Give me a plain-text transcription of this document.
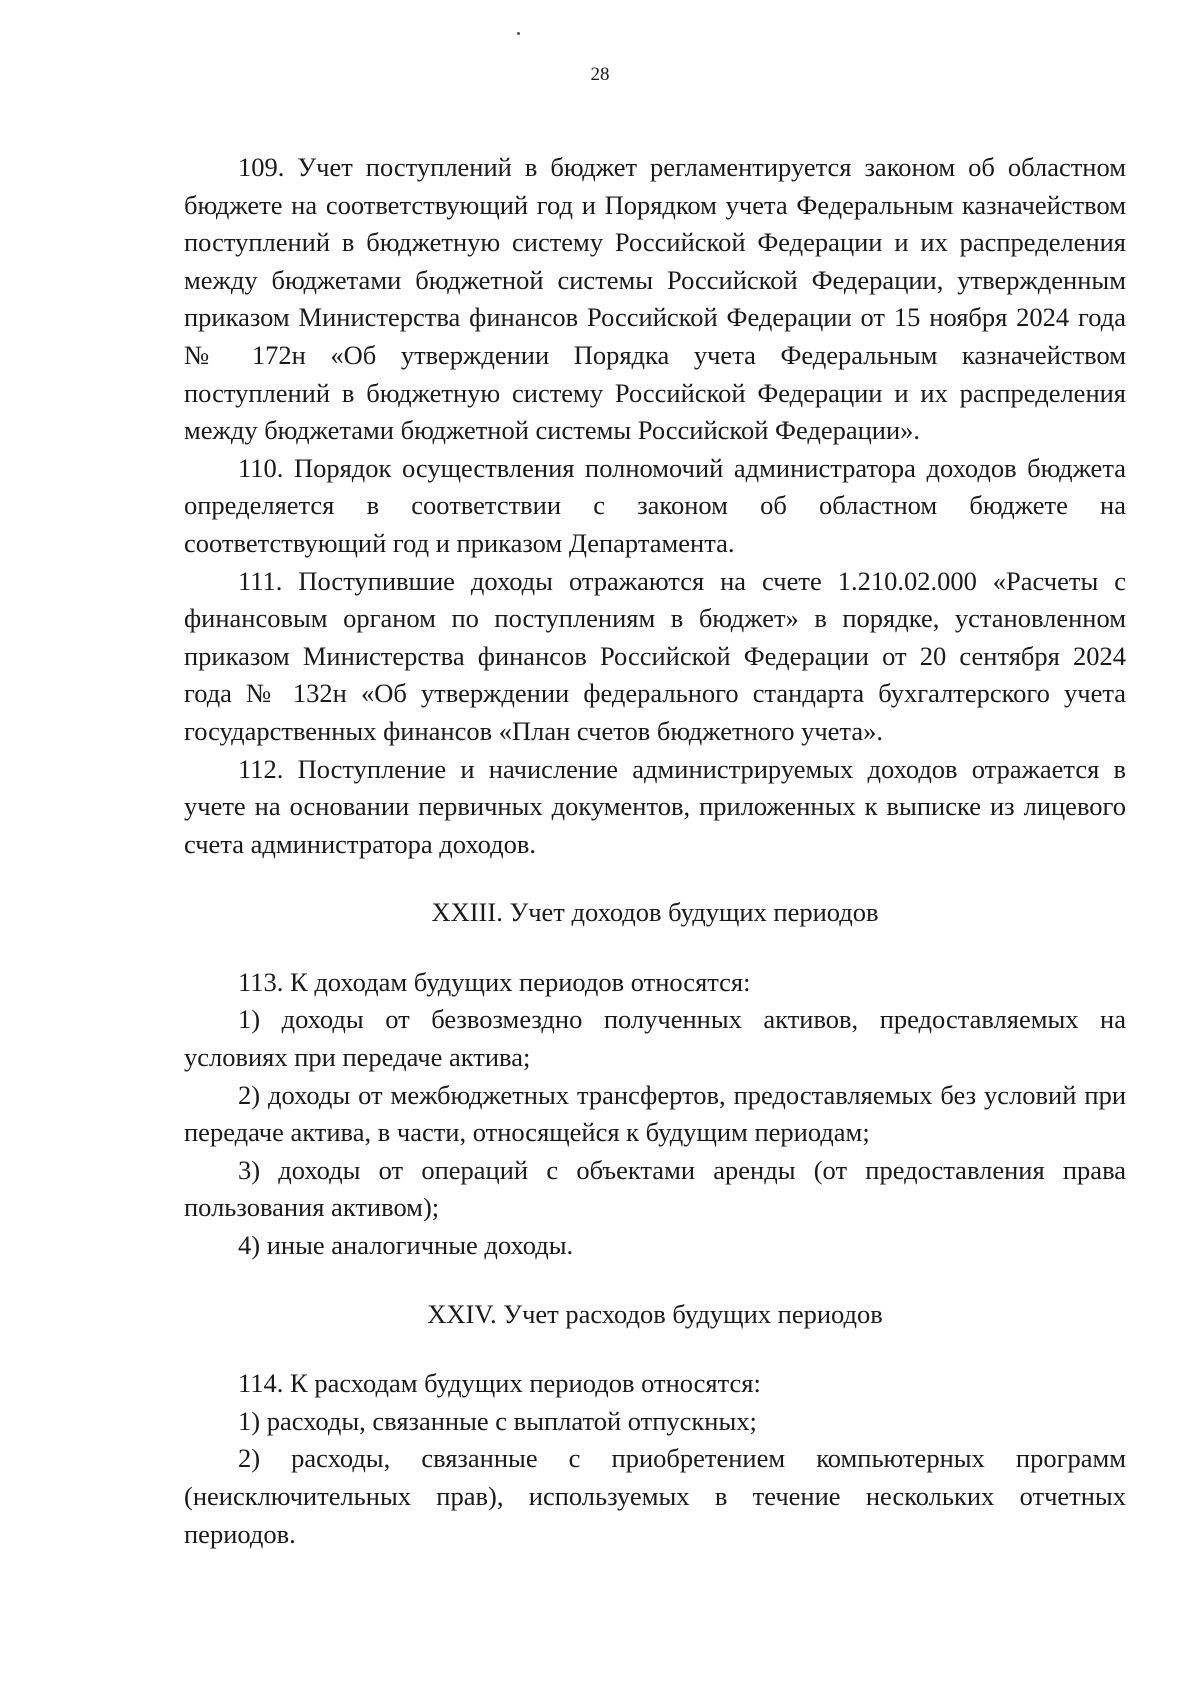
28

109. Учет поступлений в бюджет регламентируется законом об областном бюджете на соответствующий год и Порядком учета Федеральным казначейством поступлений в бюджетную систему Российской Федерации и их распределения между бюджетами бюджетной системы Российской Федерации, утвержденным приказом Министерства финансов Российской Федерации от 15 ноября 2024 года № 172н «Об утверждении Порядка учета Федеральным казначейством поступлений в бюджетную систему Российской Федерации и их распределения между бюджетами бюджетной системы Российской Федерации».

110. Порядок осуществления полномочий администратора доходов бюджета определяется в соответствии с законом об областном бюджете на соответствующий год и приказом Департамента.

111. Поступившие доходы отражаются на счете 1.210.02.000 «Расчеты с финансовым органом по поступлениям в бюджет» в порядке, установленном приказом Министерства финансов Российской Федерации от 20 сентября 2024 года № 132н «Об утверждении федерального стандарта бухгалтерского учета государственных финансов «План счетов бюджетного учета».

112. Поступление и начисление администрируемых доходов отражается в учете на основании первичных документов, приложенных к выписке из лицевого счета администратора доходов.

XXIII. Учет доходов будущих периодов

113. К доходам будущих периодов относятся:

1) доходы от безвозмездно полученных активов, предоставляемых на условиях при передаче актива;

2) доходы от межбюджетных трансфертов, предоставляемых без условий при передаче актива, в части, относящейся к будущим периодам;

3) доходы от операций с объектами аренды (от предоставления права пользования активом);

4) иные аналогичные доходы.

XXIV. Учет расходов будущих периодов

114. К расходам будущих периодов относятся:

1) расходы, связанные с выплатой отпускных;

2) расходы, связанные с приобретением компьютерных программ (неисключительных прав), используемых в течение нескольких отчетных периодов.
